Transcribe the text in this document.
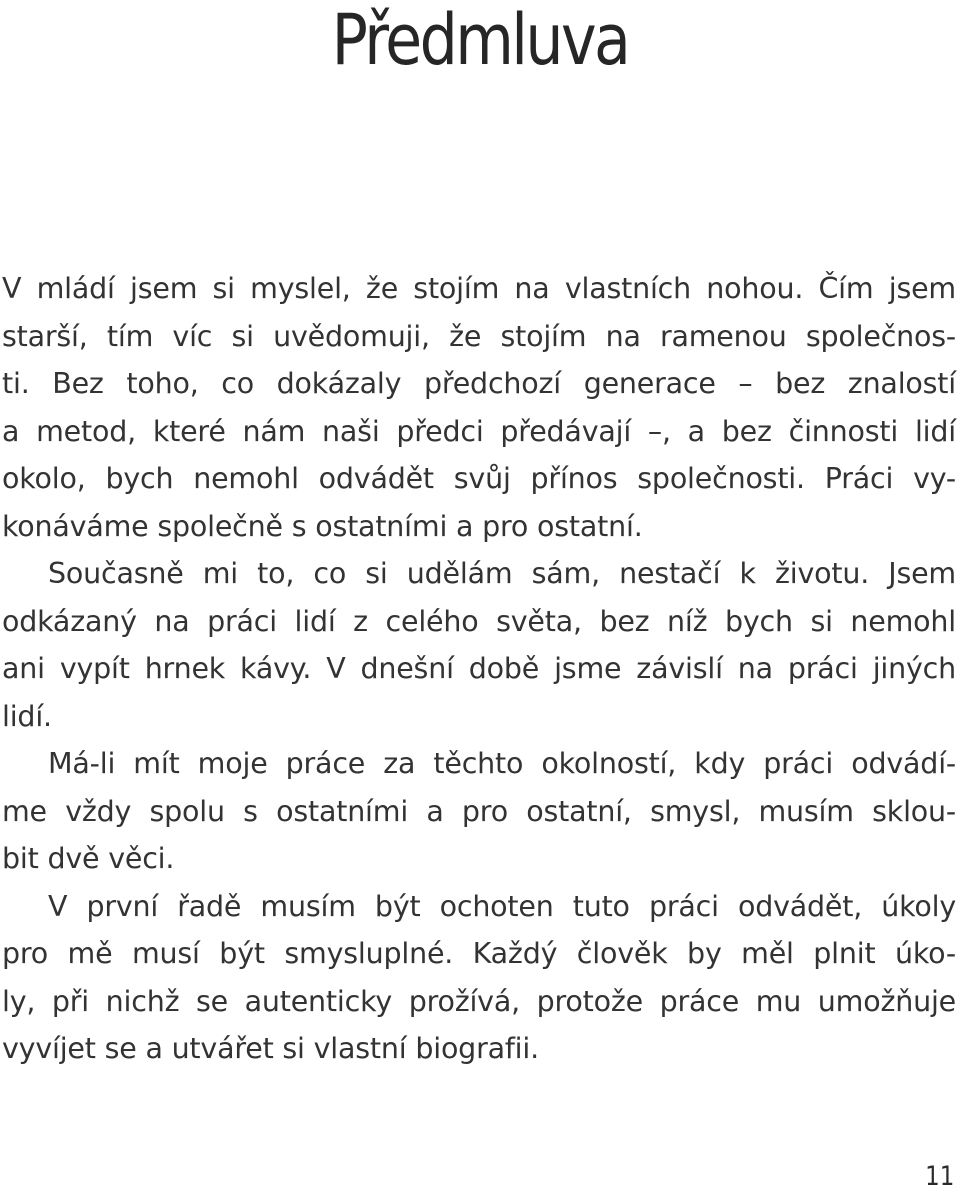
Předmluva
V mládí jsem si myslel, že stojím na vlastních nohou. Čím jsem
starší, tím víc si uvědomuji, že stojím na ramenou společnos-
ti. Bez toho, co dokázaly předchozí generace – bez znalostí
a metod, které nám naši předci předávají –, a bez činnosti lidí
okolo, bych nemohl odvádět svůj přínos společnosti. Práci vy-
konáváme společně s ostatními a pro ostatní.
Současně mi to, co si udělám sám, nestačí k životu. Jsem
odkázaný na práci lidí z celého světa, bez níž bych si nemohl
ani vypít hrnek kávy. V dnešní době jsme závislí na práci jiných
lidí.
Má-li mít moje práce za těchto okolností, kdy práci odvádí-
me vždy spolu s ostatními a pro ostatní, smysl, musím sklou-
bit dvě věci.
V první řadě musím být ochoten tuto práci odvádět, úkoly
pro mě musí být smysluplné. Každý člověk by měl plnit úko-
ly, při nichž se autenticky prožívá, protože práce mu umožňuje
vyvíjet se a utvářet si vlastní biografii.
11
